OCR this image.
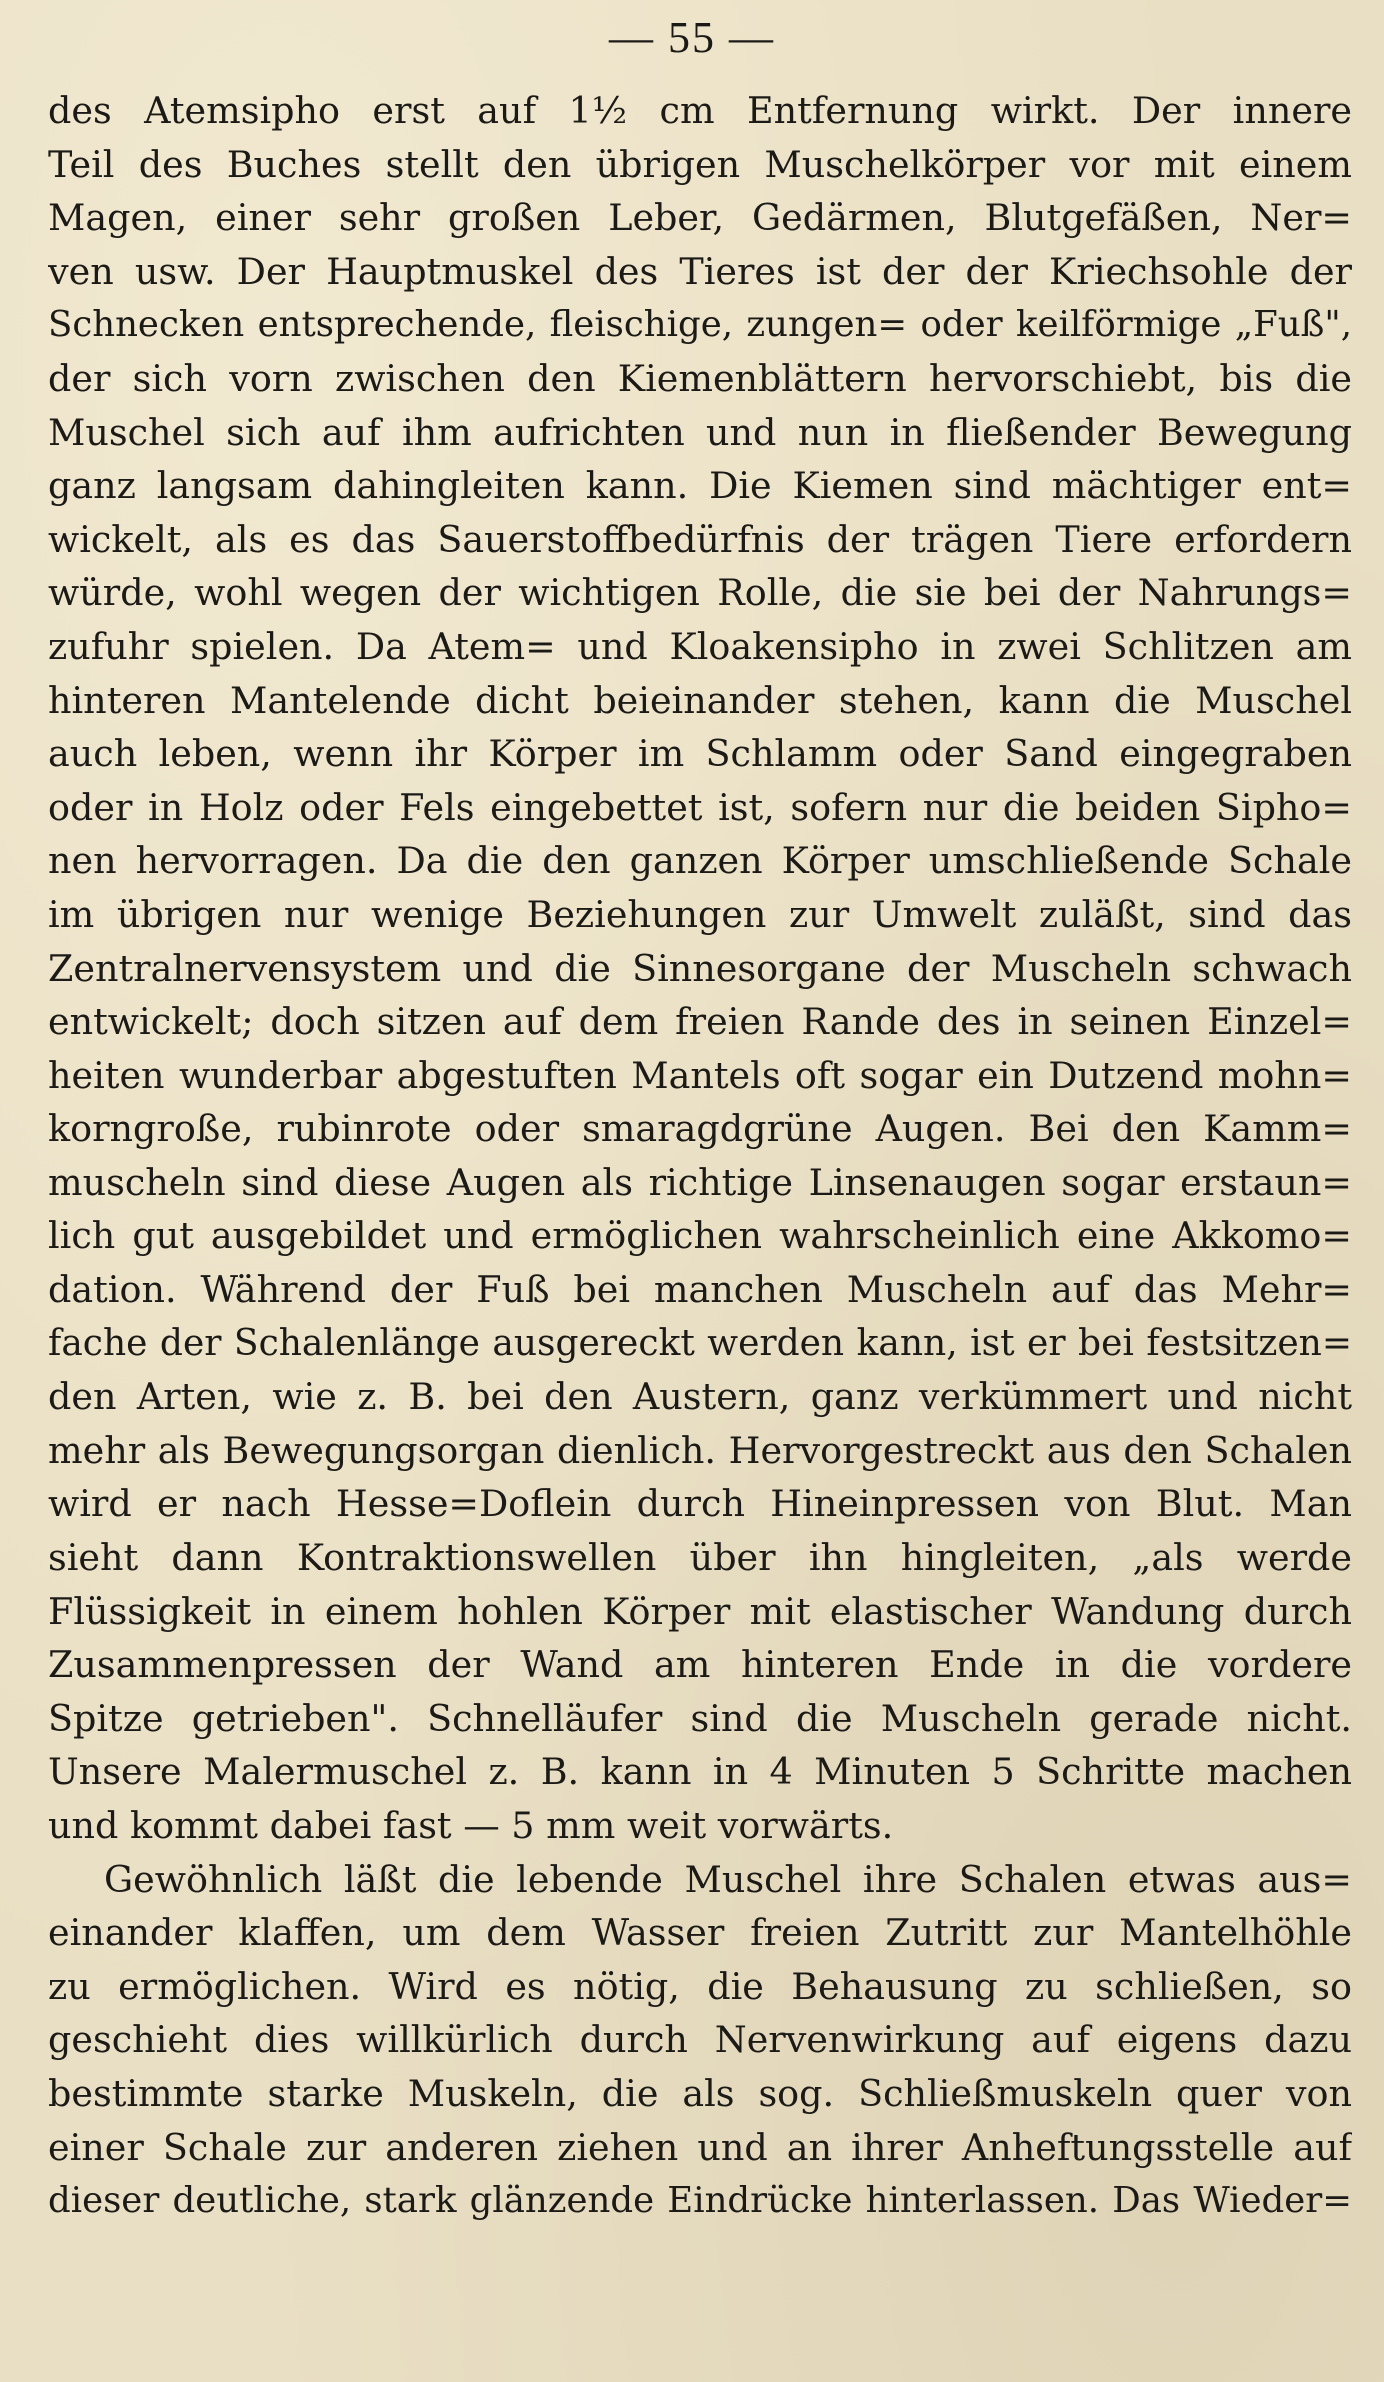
— 55 —
des Atemsipho erst auf 1½ cm Entfernung wirkt. Der innere
Teil des Buches stellt den übrigen Muschelkörper vor mit einem
Magen, einer sehr großen Leber, Gedärmen, Blutgefäßen, Ner=
ven usw. Der Hauptmuskel des Tieres ist der der Kriechsohle der
Schnecken entsprechende, fleischige, zungen= oder keilförmige „Fuß",
der sich vorn zwischen den Kiemenblättern hervorschiebt, bis die
Muschel sich auf ihm aufrichten und nun in fließender Bewegung
ganz langsam dahingleiten kann. Die Kiemen sind mächtiger ent=
wickelt, als es das Sauerstoffbedürfnis der trägen Tiere erfordern
würde, wohl wegen der wichtigen Rolle, die sie bei der Nahrungs=
zufuhr spielen. Da Atem= und Kloakensipho in zwei Schlitzen am
hinteren Mantelende dicht beieinander stehen, kann die Muschel
auch leben, wenn ihr Körper im Schlamm oder Sand eingegraben
oder in Holz oder Fels eingebettet ist, sofern nur die beiden Sipho=
nen hervorragen. Da die den ganzen Körper umschließende Schale
im übrigen nur wenige Beziehungen zur Umwelt zuläßt, sind das
Zentralnervensystem und die Sinnesorgane der Muscheln schwach
entwickelt; doch sitzen auf dem freien Rande des in seinen Einzel=
heiten wunderbar abgestuften Mantels oft sogar ein Dutzend mohn=
korngroße, rubinrote oder smaragdgrüne Augen. Bei den Kamm=
muscheln sind diese Augen als richtige Linsenaugen sogar erstaun=
lich gut ausgebildet und ermöglichen wahrscheinlich eine Akkomo=
dation. Während der Fuß bei manchen Muscheln auf das Mehr=
fache der Schalenlänge ausgereckt werden kann, ist er bei festsitzen=
den Arten, wie z. B. bei den Austern, ganz verkümmert und nicht
mehr als Bewegungsorgan dienlich. Hervorgestreckt aus den Schalen
wird er nach Hesse=Doflein durch Hineinpressen von Blut. Man
sieht dann Kontraktionswellen über ihn hingleiten, „als werde
Flüssigkeit in einem hohlen Körper mit elastischer Wandung durch
Zusammenpressen der Wand am hinteren Ende in die vordere
Spitze getrieben". Schnelläufer sind die Muscheln gerade nicht.
Unsere Malermuschel z. B. kann in 4 Minuten 5 Schritte machen
und kommt dabei fast — 5 mm weit vorwärts.
Gewöhnlich läßt die lebende Muschel ihre Schalen etwas aus=
einander klaffen, um dem Wasser freien Zutritt zur Mantelhöhle
zu ermöglichen. Wird es nötig, die Behausung zu schließen, so
geschieht dies willkürlich durch Nervenwirkung auf eigens dazu
bestimmte starke Muskeln, die als sog. Schließmuskeln quer von
einer Schale zur anderen ziehen und an ihrer Anheftungsstelle auf
dieser deutliche, stark glänzende Eindrücke hinterlassen. Das Wieder=
